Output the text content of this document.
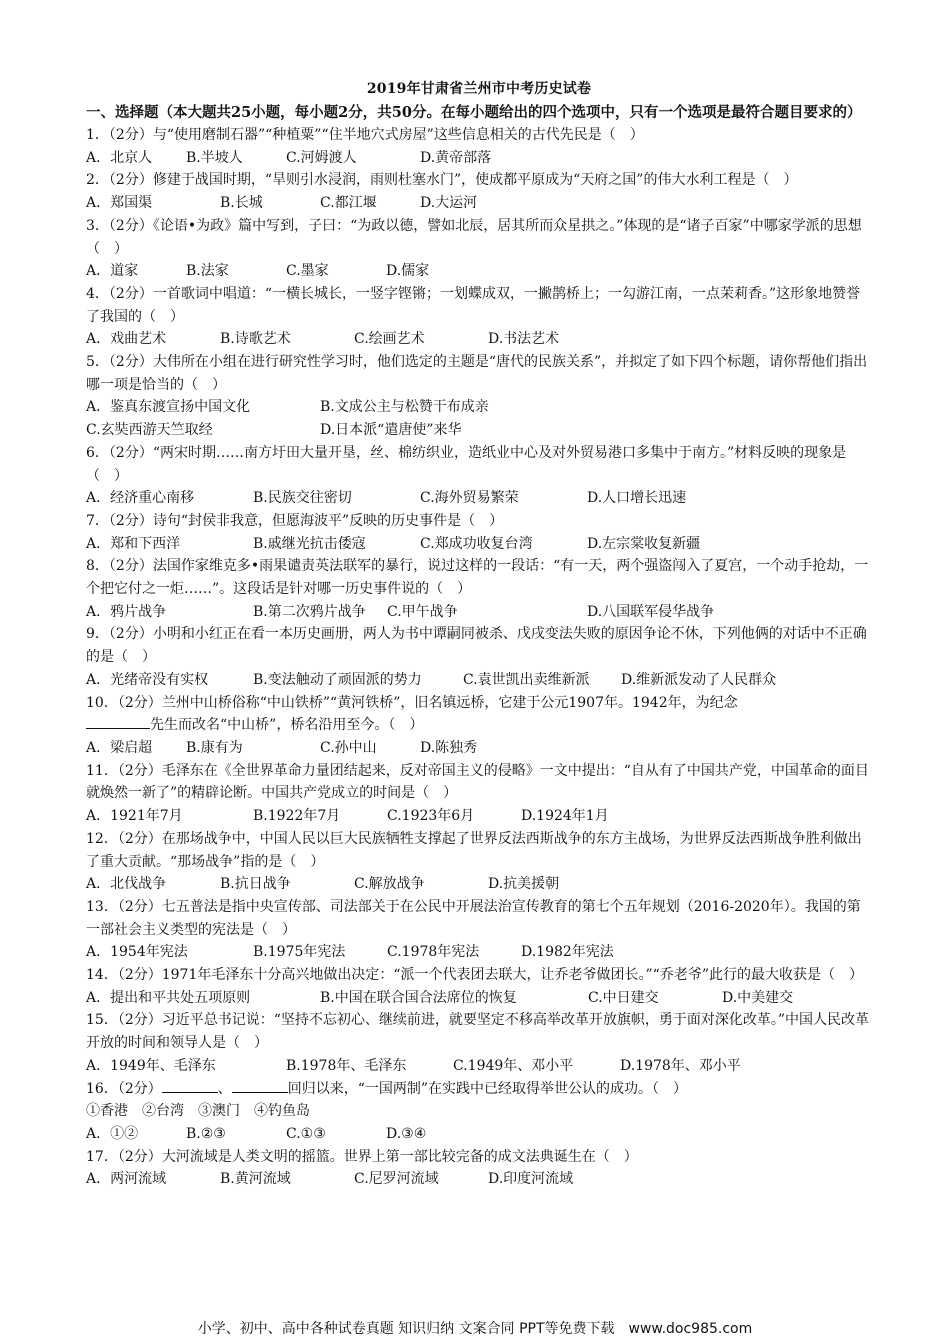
2019年甘肃省兰州市中考历史试卷
一、选择题（本大题共25小题，每小题2分，共50分。在每小题给出的四个选项中，只有一个选项是最符合题目要求的）
1．（2分）与“使用磨制石器”“种植粟”“住半地穴式房屋”这些信息相关的古代先民是（　）
A．北京人	B.半坡人	C.河姆渡人	D.黄帝部落
2．（2分）修建于战国时期，“旱则引水浸润，雨则杜塞水门”，使成都平原成为“天府之国”的伟大水利工程是（　）
A．郑国渠	B.长城	C.都江堰	D.大运河
3．（2分）《论语•为政》篇中写到，子曰：“为政以德，譬如北辰，居其所而众星拱之。”体现的是“诸子百家”中哪家学派的思想（　）
A．道家	B.法家	C.墨家	D.儒家
4．（2分）一首歌词中唱道：“一横长城长，一竖字铿锵；一划蝶成双，一撇鹊桥上；一勾游江南，一点茉莉香。”这形象地赞誉了我国的（　）
A．戏曲艺术	B.诗歌艺术	C.绘画艺术	D.书法艺术
5．（2分）大伟所在小组在进行研究性学习时，他们选定的主题是“唐代的民族关系”，并拟定了如下四个标题，请你帮他们指出哪一项是恰当的（　）
A．鉴真东渡宣扬中国文化	B.文成公主与松赞干布成亲
C.玄奘西游天竺取经	D.日本派“遣唐使”来华
6．（2分）“两宋时期……南方圩田大量开垦，丝、棉纺织业，造纸业中心及对外贸易港口多集中于南方。”材料反映的现象是（　）
A．经济重心南移	B.民族交往密切	C.海外贸易繁荣	D.人口增长迅速
7．（2分）诗句“封侯非我意，但愿海波平”反映的历史事件是（　）
A．郑和下西洋	B.戚继光抗击倭寇	C.郑成功收复台湾	D.左宗棠收复新疆
8．（2分）法国作家维克多•雨果谴责英法联军的暴行，说过这样的一段话：“有一天，两个强盗闯入了夏宫，一个动手抢劫，一个把它付之一炬……”。这段话是针对哪一历史事件说的（　）
A．鸦片战争	B.第二次鸦片战争	C.甲午战争	D.八国联军侵华战争
9．（2分）小明和小红正在看一本历史画册，两人为书中谭嗣同被杀、戊戌变法失败的原因争论不休，下列他俩的对话中不正确的是（　）
A．光绪帝没有实权	B.变法触动了顽固派的势力	C.袁世凯出卖维新派	D.维新派发动了人民群众
10．（2分）兰州中山桥俗称“中山铁桥”“黄河铁桥”，旧名镇远桥，它建于公元1907年。1942年，为纪念
先生而改名“中山桥”，桥名沿用至今。（　）
A．梁启超	B.康有为	C.孙中山	D.陈独秀
11．（2分）毛泽东在《全世界革命力量团结起来，反对帝国主义的侵略》一文中提出：“自从有了中国共产党，中国革命的面目就焕然一新了”的精辟论断。中国共产党成立的时间是（　）
A．1921年7月	B.1922年7月	C.1923年6月	D.1924年1月
12．（2分）在那场战争中，中国人民以巨大民族牺牲支撑起了世界反法西斯战争的东方主战场，为世界反法西斯战争胜利做出了重大贡献。“那场战争”指的是（　）
A．北伐战争	B.抗日战争	C.解放战争	D.抗美援朝
13．（2分）七五普法是指中央宣传部、司法部关于在公民中开展法治宣传教育的第七个五年规划（2016-2020年）。我国的第一部社会主义类型的宪法是（　）
A．1954年宪法	B.1975年宪法	C.1978年宪法	D.1982年宪法
14．（2分）1971年毛泽东十分高兴地做出决定：“派一个代表团去联大，让乔老爷做团长。”“乔老爷”此行的最大收获是（　）
A．提出和平共处五项原则	B.中国在联合国合法席位的恢复	C.中日建交	D.中美建交
15．（2分）习近平总书记说：“坚持不忘初心、继续前进，就要坚定不移高举改革开放旗帜，勇于面对深化改革。”中国人民改革开放的时间和领导人是（　）
A．1949年、毛泽东	B.1978年、毛泽东	C.1949年、邓小平	D.1978年、邓小平
16．（2分）	、	回归以来，“一国两制”在实践中已经取得举世公认的成功。（　）
①香港　②台湾　③澳门　④钓鱼岛
A．①②	B.②③	C.①③	D.③④
17．（2分）大河流域是人类文明的摇篮。世界上第一部比较完备的成文法典诞生在（　）
A．两河流域	B.黄河流域	C.尼罗河流域	D.印度河流域
小学、初中、高中各种试卷真题 知识归纳 文案合同 PPT等免费下载　www.doc985.com
